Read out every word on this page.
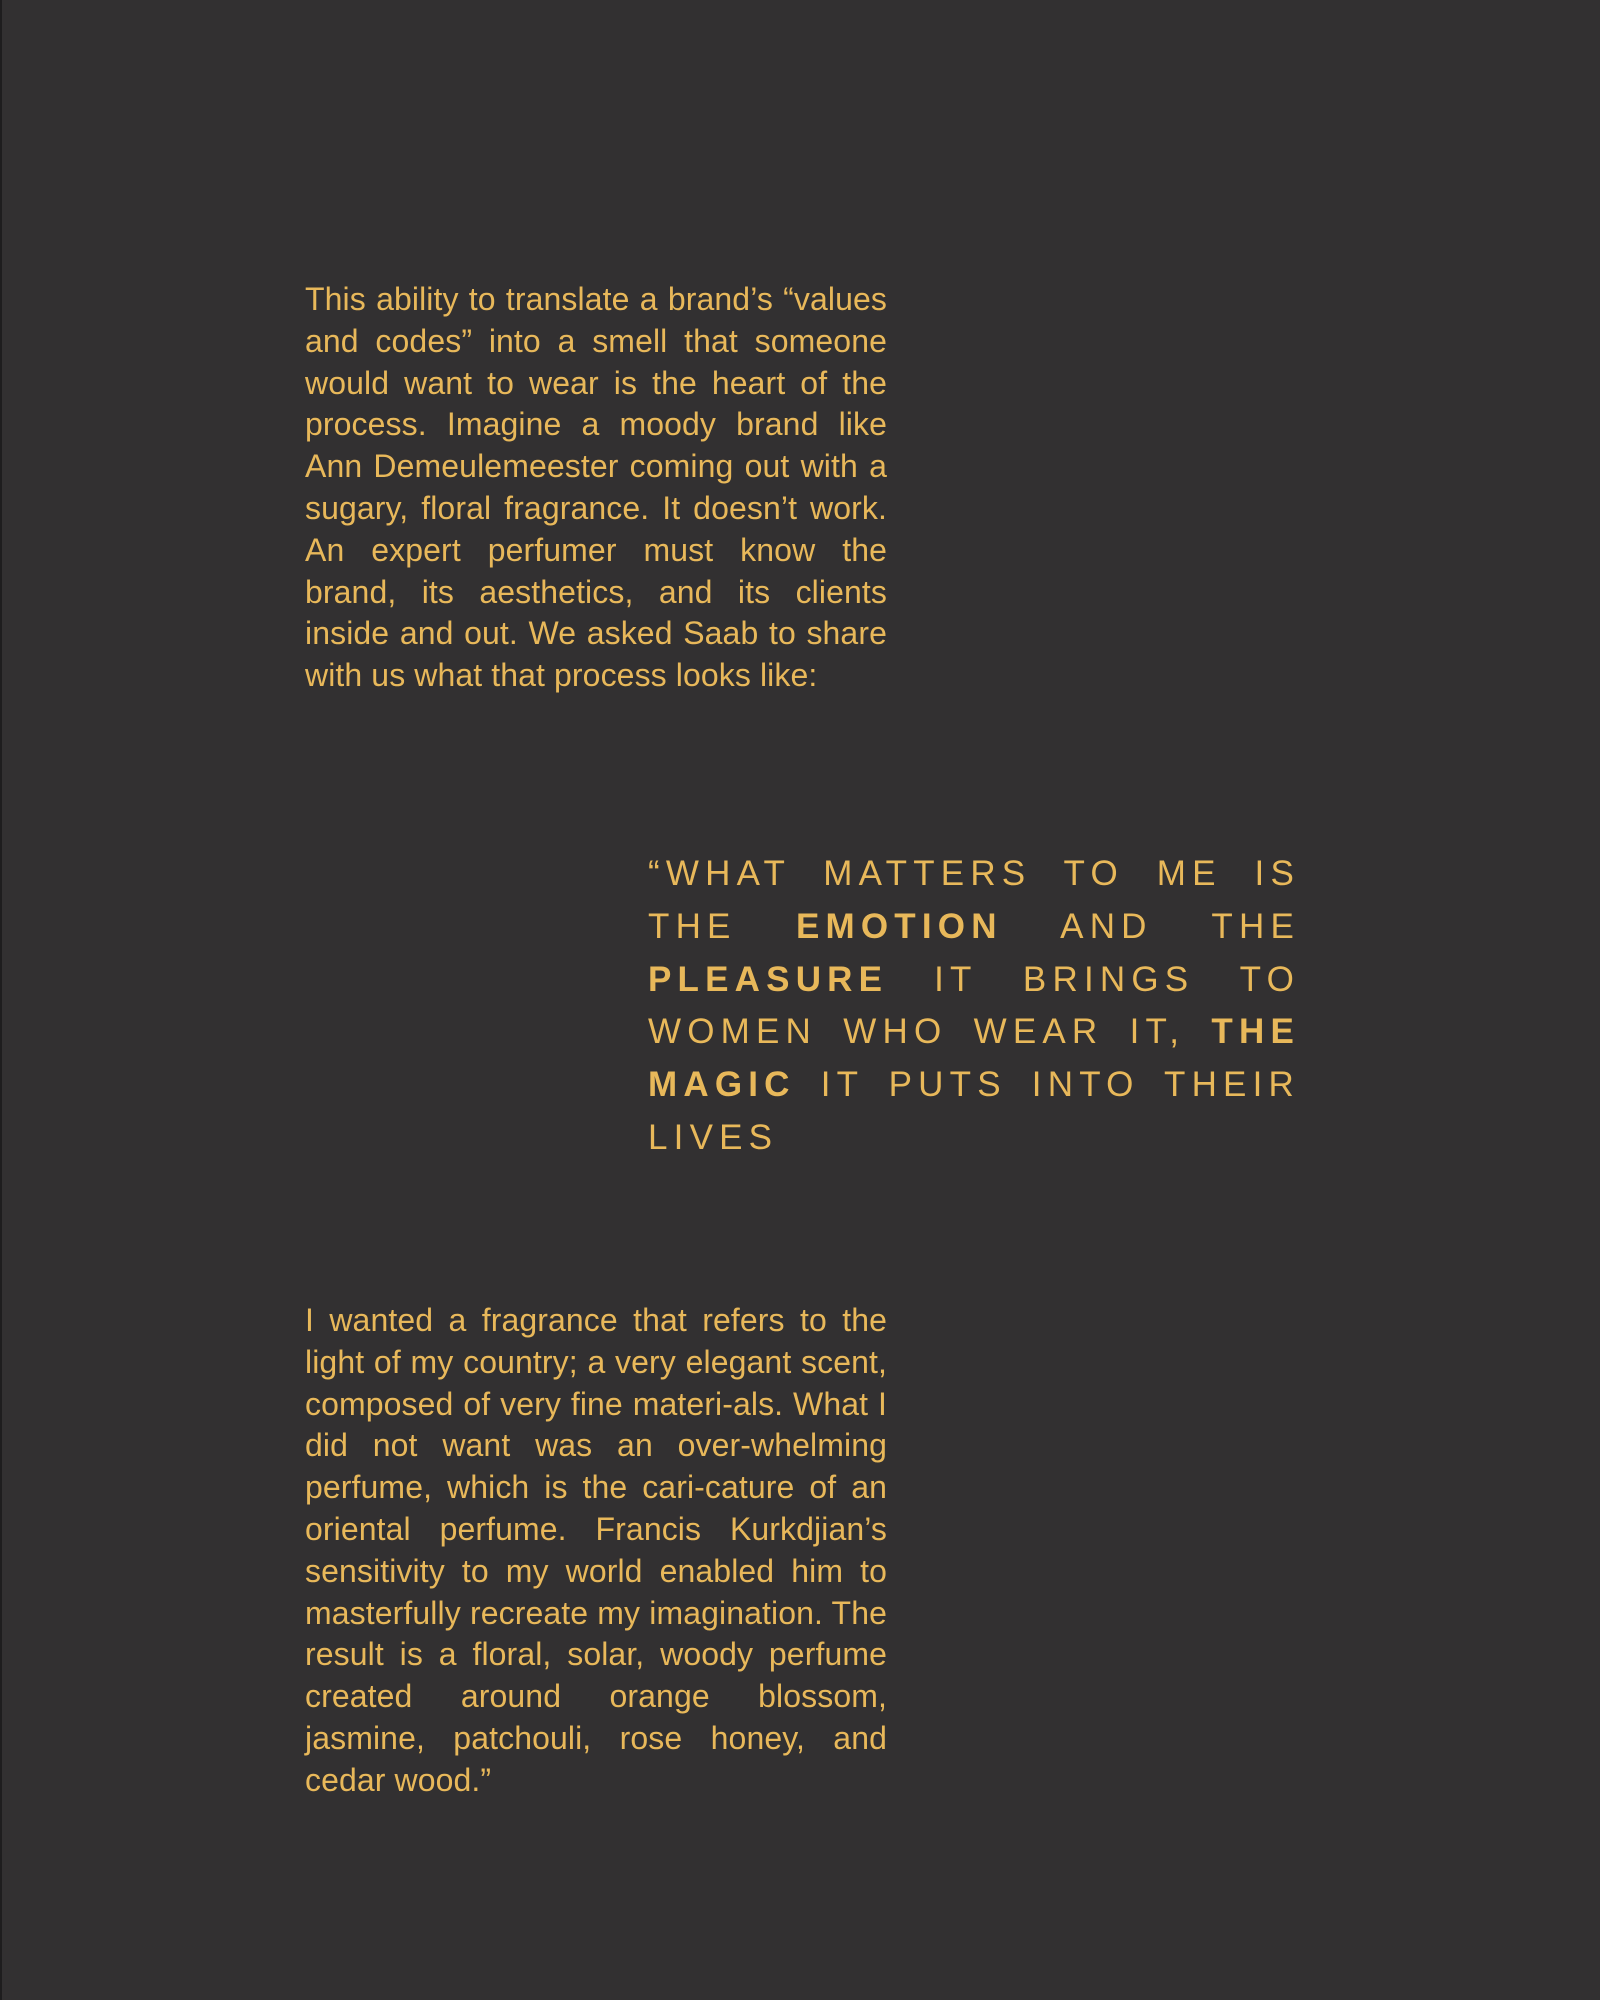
This ability to translate a brand’s “values and codes” into a smell that someone would want to wear is the heart of the process. Imagine a moody brand like Ann Demeulemeester coming out with a sugary, floral fragrance. It doesn’t work. An expert perfumer must know the brand, its aesthetics, and its clients inside and out. We asked Saab to share with us what that process looks like:

“WHAT MATTERS TO ME IS THE EMOTION AND THE PLEASURE IT BRINGS TO WOMEN WHO WEAR IT, THE MAGIC IT PUTS INTO THEIR LIVES

I wanted a fragrance that refers to the light of my country; a very elegant scent, composed of very fine materi-als. What I did not want was an over-whelming perfume, which is the cari-cature of an oriental perfume. Francis Kurkdjian’s sensitivity to my world enabled him to masterfully recreate my imagination. The result is a floral, solar, woody perfume created around orange blossom, jasmine, patchouli, rose honey, and cedar wood.”
